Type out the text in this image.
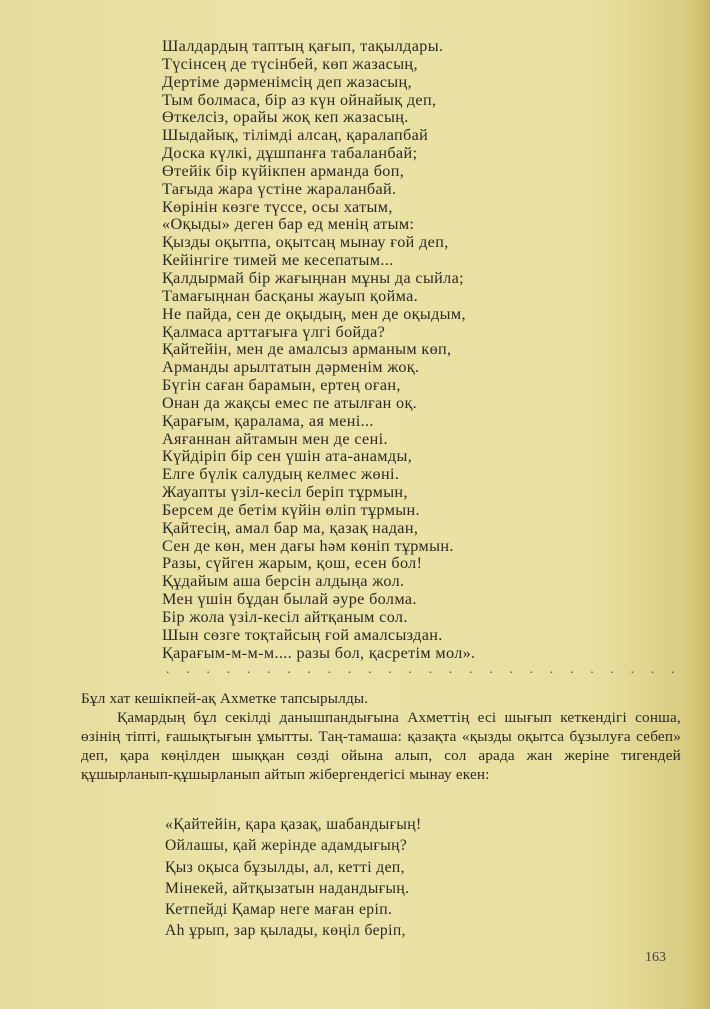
Шалдардың таптың қағып, тақылдары.
Түсінсең де түсінбей, көп жазасың,
Дертіме дәрменімсің деп жазасың,
Тым болмаса, бір аз күн ойнайық деп,
Өткелсіз, орайы жоқ кеп жазасың.
Шыдайық, тілімді алсаң, қаралапбай
Доска күлкі, дұшпанға табаланбай;
Өтейік бір күйікпен арманда боп,
Тағыда жара үстіне жараланбай.
Көрінін көзге түссе, осы хатым,
«Оқыды» деген бар ед менің атым:
Қызды оқытпа, оқытсаң мынау ғой деп,
Кейінгіге тимей ме кесепатым...
Қалдырмай бір жағыңнан мұны да сыйла;
Тамағыңнан басқаны жауып қойма.
Не пайда, сен де оқыдың, мен де оқыдым,
Қалмаса арттағыға үлгі бойда?
Қайтейін, мен де амалсыз арманым көп,
Арманды арылтатын дәрменім жоқ.
Бүгін саған барамын, ертең оған,
Онан да жақсы емес пе атылған оқ.
Қарағым, қаралама, ая мені...
Аяғаннан айтамын мен де сені.
Күйдіріп бір сен үшін ата-анамды,
Елге бүлік салудың келмес жөні.
Жауапты үзіл-кесіл беріп тұрмын,
Берсем де бетім күйін өліп тұрмын.
Қайтесің, амал бар ма, қазақ надан,
Сен де көн, мен дағы һәм көніп тұрмын.
Разы, сүйген жарым, қош, есен бол!
Құдайым аша берсін алдыңа жол.
Мен үшін бұдан былай әуре болма.
Бір жола үзіл-кесіл айтқаным сол.
Шын сөзге тоқтайсың ғой амалсыздан.
Қарағым-м-м-м.... разы бол, қасретім мол».
. . . . . . . . . . . . . . . . . . . . . . . . . .

Бұл хат кешікпей-ақ Ахметке тапсырылды.

Қамардың бұл секілді данышпандығына Ахметтің есі шығып кеткендігі соншa, өзінің тіпті, ғашықтығын ұмытты. Таң-тамаша: қазақта «қызды оқытса бұзылуға себеп» деп, қара көңілден шыққан сөзді ойына алып, сол арада жан жеріне тигендей құшырланып-құшырланып айтып жібергендегісі мынау екен:

«Қайтейін, қара қазақ, шабандығың!
Ойлашы, қай жерінде адамдығың?
Қыз оқыса бұзылды, ал, кетті деп,
Мінекей, айтқызатын надандығың.
Кетпейді Қамар неге маған еріп.
Аһ ұрып, зар қылады, көңіл беріп,
163
